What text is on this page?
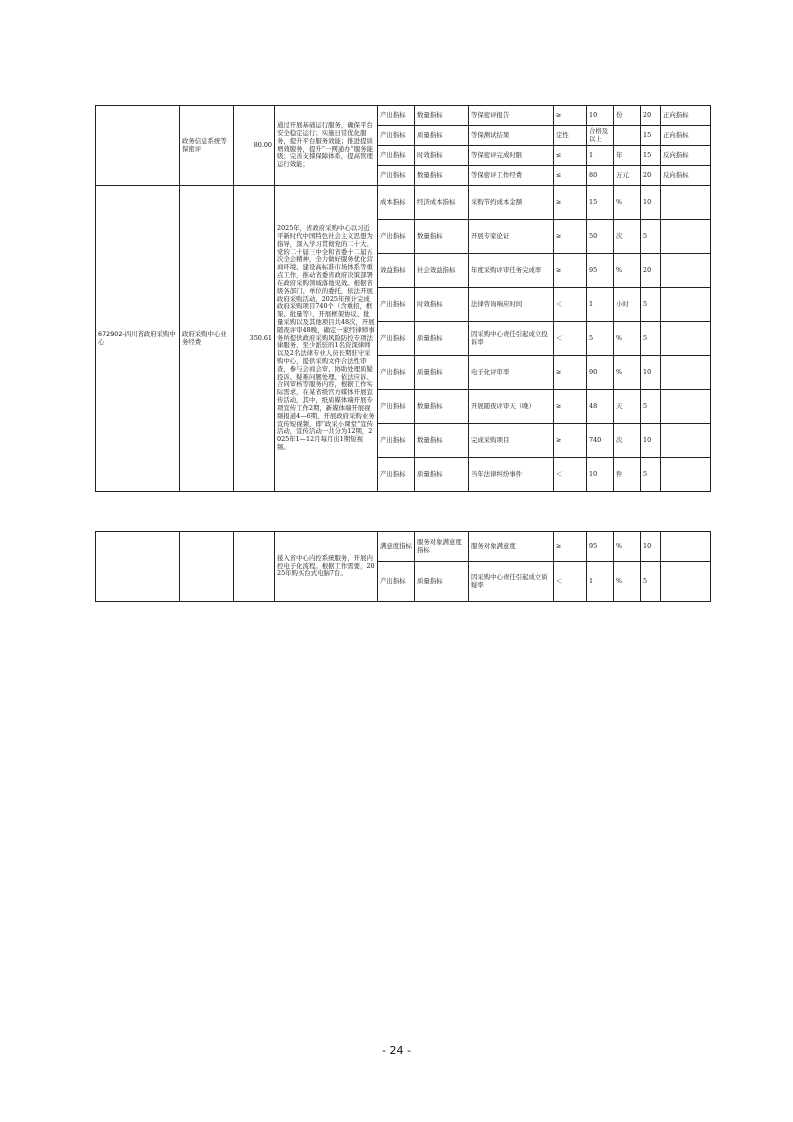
	政务信息系统等保密评	80.00	通过开展基础运行服务，确保平台安全稳定运行；实施日常优化服务，提升平台服务效能；推进提质增效服务，提升“一网通办”服务能级；完善支撑保障体系，提高管理运行效能；	产出指标	数量指标	等保密评报告	≥	10	份	20	正向指标
				产出指标	质量指标	等保测试结果	定性	合格及以上		15	正向指标
				产出指标	时效指标	等保密评完成时限	≤	1	年	15	反向指标
				产出指标	数量指标	等保密评工作经费	≤	80	万元	20	反向指标
672902-四川省政府采购中心	政府采购中心业务经费	350.61	2025年，省政府采购中心以习近平新时代中国特色社会主义思想为指导，深入学习贯彻党的二十大、党的二十届三中全和省委十二届五次全会精神，全力做好服务优化营商环境、建设高标准市场体系等重点工作，推动省委省政府决策部署在政府采购领域落地见效。根据省级各部门、单位的委托，依法开展政府采购活动，2025年预计完成政府采购项目740个（含重招，框架、批量等），开展框架协议、批量采购以及其他项目共48次，开展随夜评审48晚，确定一家经律师事务所提供政府采购风险防控专项法律服务，至少派驻的1名资深律师以及2名法律专业人员长期驻守采购中心，提供采购文件合法性审查、参与会商会审、协助处理质疑投诉、疑难问题处理、依法应诉、合同审核等服务内容，根据工作实际需求，在某省级官方媒体开展宣传活动，其中，纸质媒体端开展专项宣传工作2期，新媒体端开展视频报道4—6期，开展政府采购业务宣传短视频，即“政采小课堂”宣传活动，宣传活动一共分为12期，2025年1—12月每月出1期短视频。	成本指标	经济成本指标	采购节约成本金额	≥	15	%	10	
				产出指标	数量指标	开展专家论证	≥	50	次	5	
				效益指标	社会效益指标	年度采购评审任务完成率	≥	95	%	20	
				产出指标	时效指标	法律咨询响应时间	＜	1	小时	5	
				产出指标	质量指标	因采购中心责任引起成立投诉率	＜	5	%	5	
				产出指标	质量指标	电子化评审率	≥	90	%	10	
				产出指标	数量指标	开展随夜评审天（晚）	≥	48	天	5	
				产出指标	数量指标	完成采购项目	≥	740	次	10	
				产出指标	质量指标	当年法律纠纷事件	＜	10	件	5	
			接入省中心内控系统服务，开展内控电子化流程。根据工作需要，2025年购买台式电脑7台。	满意度指标	服务对象满意度指标	服务对象满意度	≥	95	%	10	
				产出指标	质量指标	因采购中心责任引起成立质疑率	＜	1	%	5	
- 24 -
